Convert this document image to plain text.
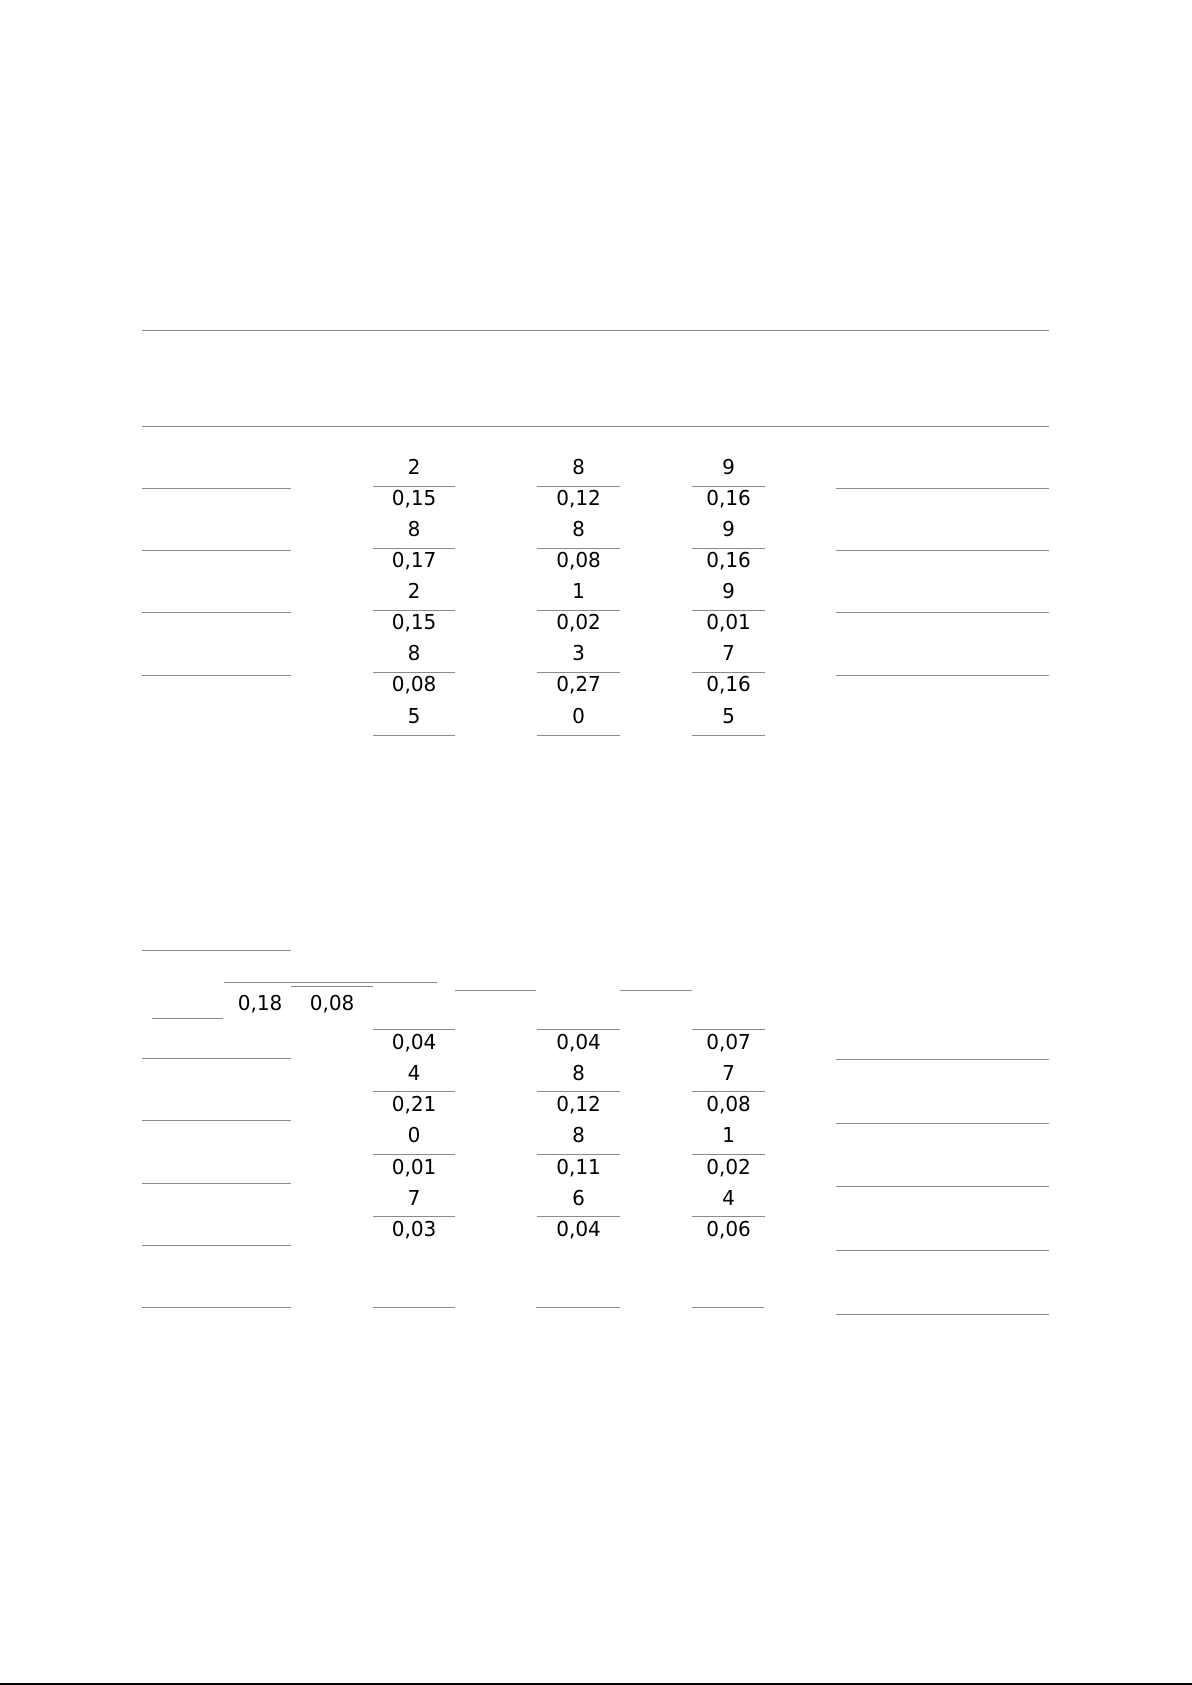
2
0,15
8
0,17
2
0,15
8
0,08
5
8
0,12
8
0,08
1
0,02
3
0,27
0
9
0,16
9
0,16
9
0,01
7
0,16
5
0,18	0,08
0,04
4
0,21
0
0,01
7
0,03
0,04
8
0,12
8
0,11
6
0,04
0,07
7
0,08
1
0,02
4
0,06
